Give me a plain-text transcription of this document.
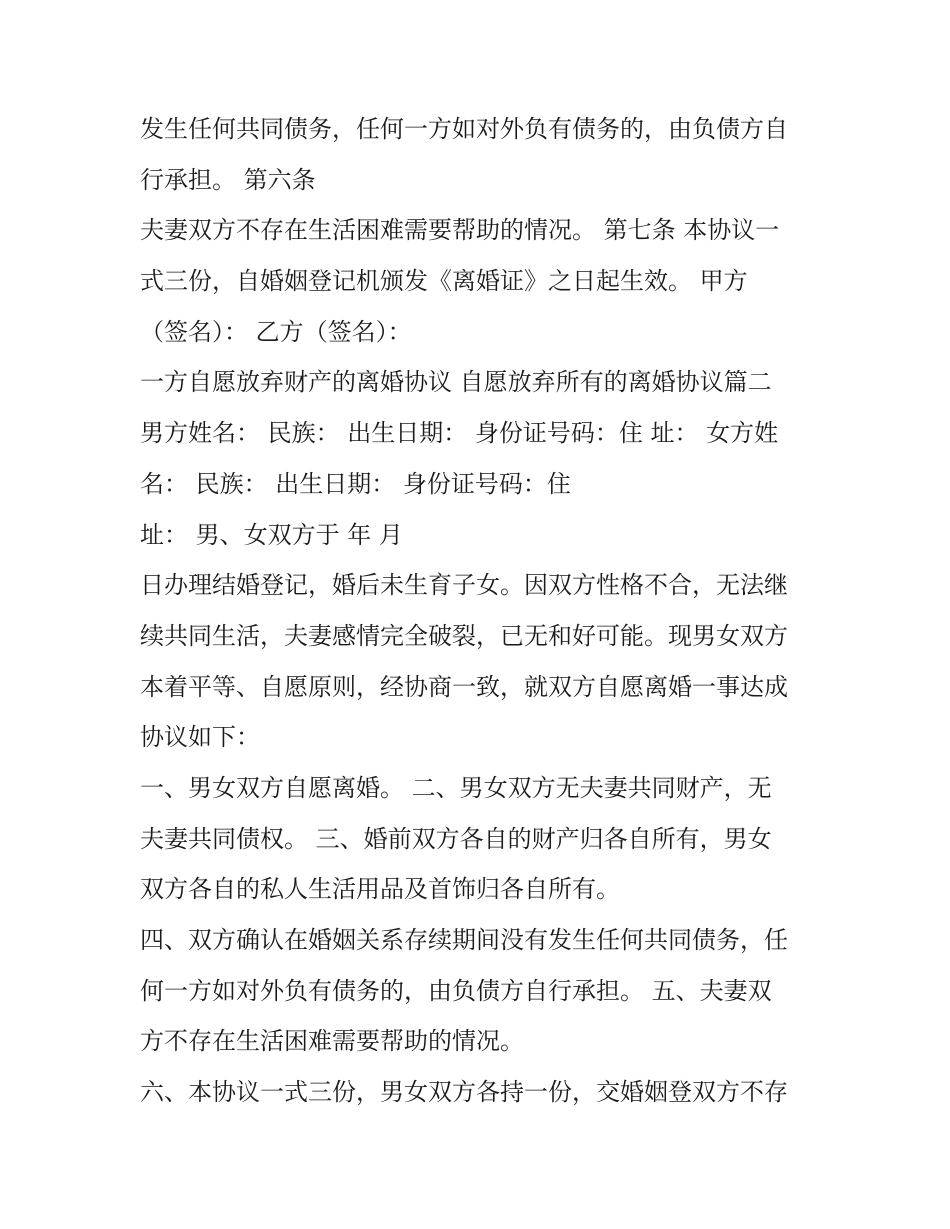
发生任何共同债务，任何一方如对外负有债务的，由负债方自
行承担。 第六条
夫妻双方不存在生活困难需要帮助的情况。 第七条 本协议一
式三份，自婚姻登记机颁发《离婚证》之日起生效。 甲方
（签名）： 乙方（签名）：
一方自愿放弃财产的离婚协议 自愿放弃所有的离婚协议篇二
男方姓名： 民族： 出生日期： 身份证号码：住 址： 女方姓
名： 民族： 出生日期： 身份证号码：住
址： 男、女双方于 年 月
日办理结婚登记，婚后未生育子女。因双方性格不合，无法继
续共同生活，夫妻感情完全破裂，已无和好可能。现男女双方
本着平等、自愿原则，经协商一致，就双方自愿离婚一事达成
协议如下：
一、男女双方自愿离婚。 二、男女双方无夫妻共同财产，无
夫妻共同债权。 三、婚前双方各自的财产归各自所有，男女
双方各自的私人生活用品及首饰归各自所有。
四、双方确认在婚姻关系存续期间没有发生任何共同债务，任
何一方如对外负有债务的，由负债方自行承担。 五、夫妻双
方不存在生活困难需要帮助的情况。
六、本协议一式三份，男女双方各持一份，交婚姻登双方不存
